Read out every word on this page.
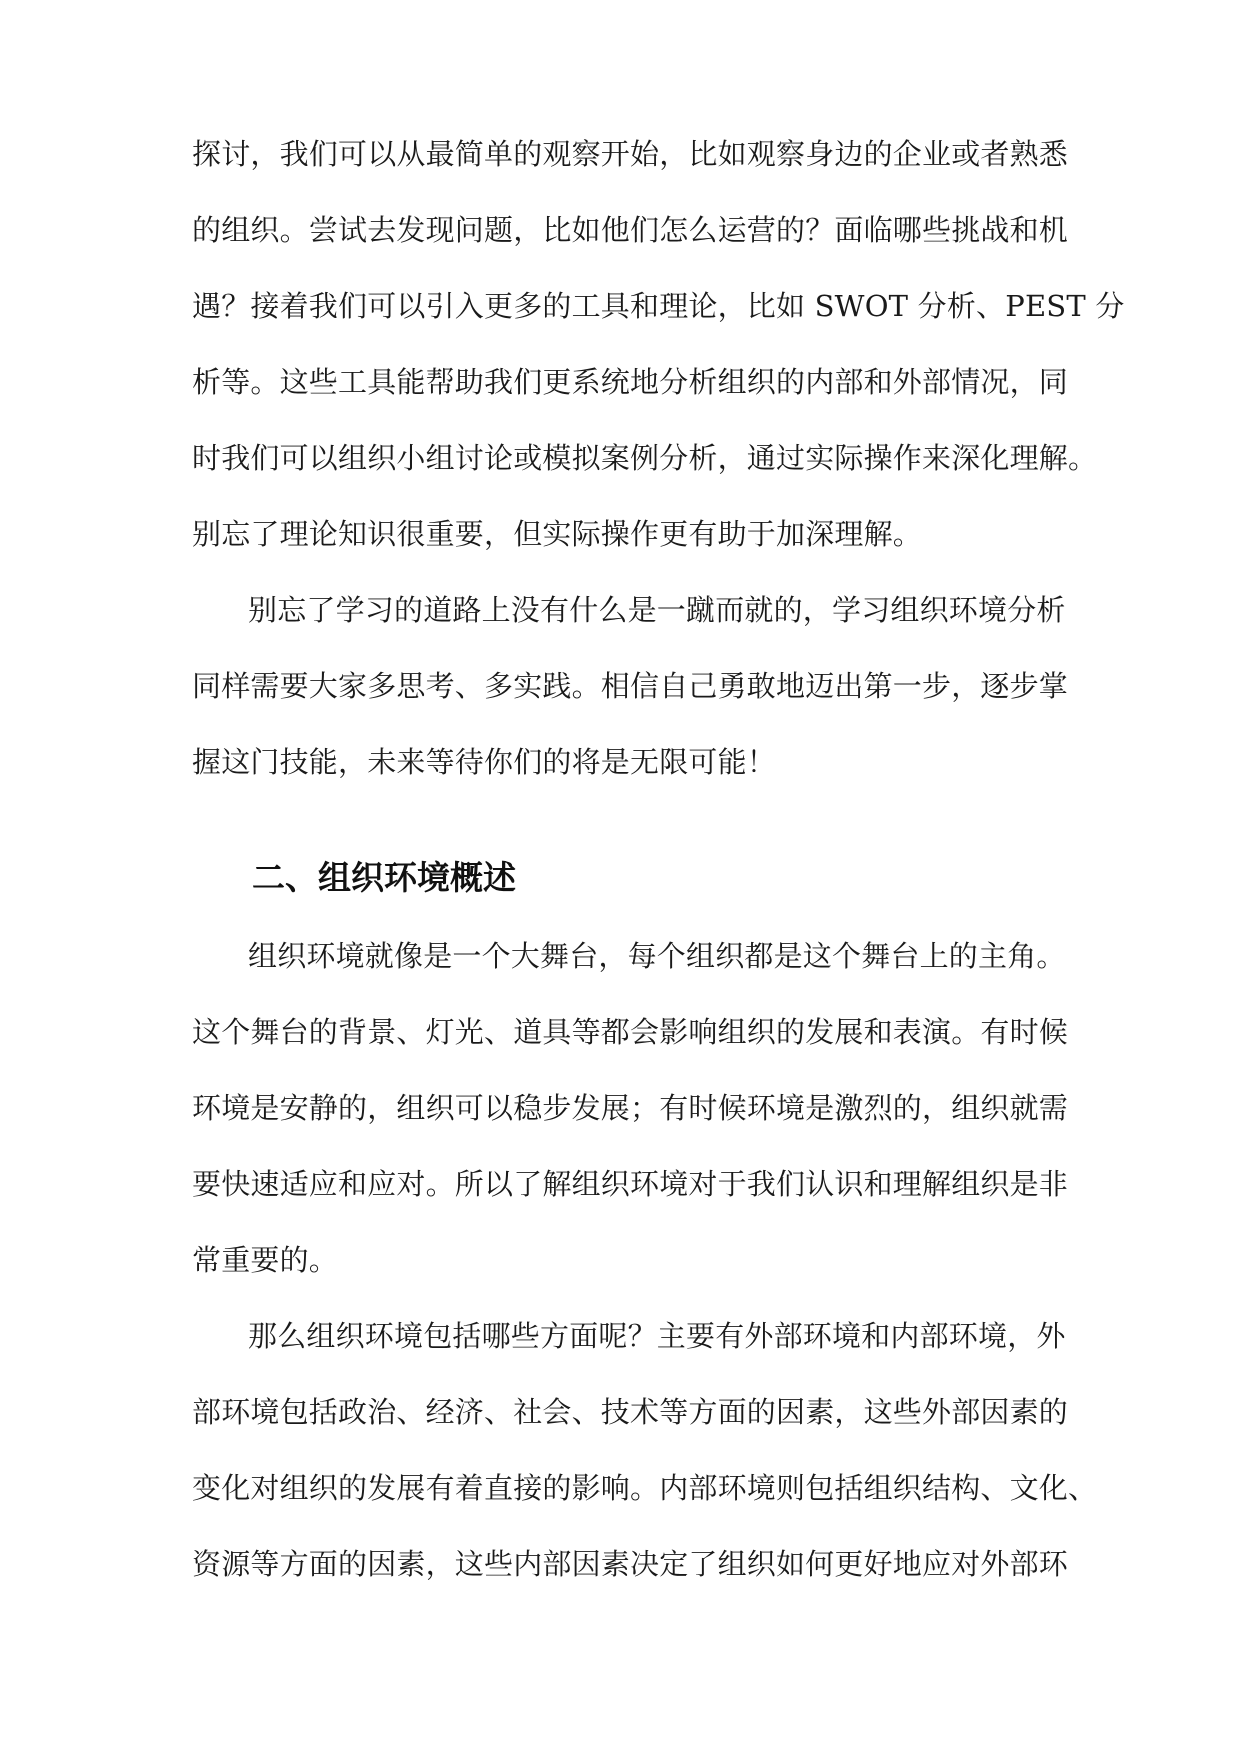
探讨，我们可以从最简单的观察开始，比如观察身边的企业或者熟悉
的组织。尝试去发现问题，比如他们怎么运营的？面临哪些挑战和机
遇？接着我们可以引入更多的工具和理论，比如 SWOT 分析、PEST 分
析等。这些工具能帮助我们更系统地分析组织的内部和外部情况，同
时我们可以组织小组讨论或模拟案例分析，通过实际操作来深化理解。
别忘了理论知识很重要，但实际操作更有助于加深理解。
别忘了学习的道路上没有什么是一蹴而就的，学习组织环境分析
同样需要大家多思考、多实践。相信自己勇敢地迈出第一步，逐步掌
握这门技能，未来等待你们的将是无限可能！
二、组织环境概述
组织环境就像是一个大舞台，每个组织都是这个舞台上的主角。
这个舞台的背景、灯光、道具等都会影响组织的发展和表演。有时候
环境是安静的，组织可以稳步发展；有时候环境是激烈的，组织就需
要快速适应和应对。所以了解组织环境对于我们认识和理解组织是非
常重要的。
那么组织环境包括哪些方面呢？主要有外部环境和内部环境，外
部环境包括政治、经济、社会、技术等方面的因素，这些外部因素的
变化对组织的发展有着直接的影响。内部环境则包括组织结构、文化、
资源等方面的因素，这些内部因素决定了组织如何更好地应对外部环
